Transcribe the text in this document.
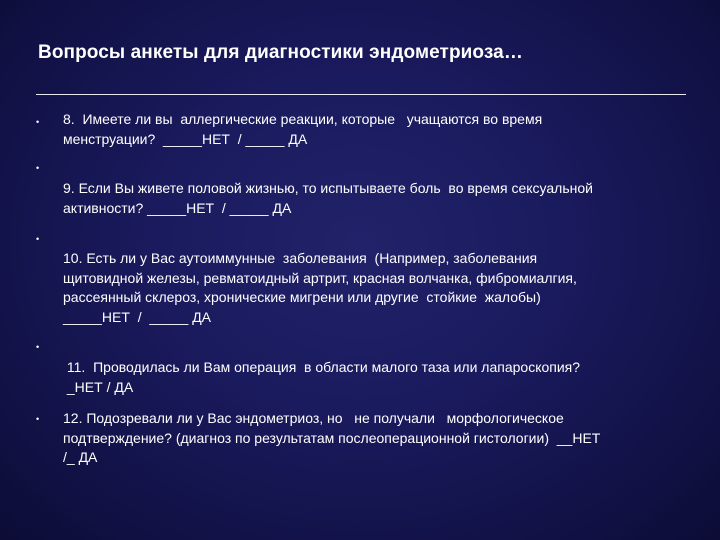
Вопросы анкеты для диагностики эндометриоза…
• 8.  Имеете ли вы  аллергические реакции, которые   учащаются во время
менструации?  _____НЕТ  / _____ ДА
•
9. Если Вы живете половой жизнью, то испытываете боль  во время сексуальной
активности? _____НЕТ  / _____ ДА
•
10. Есть ли у Вас аутоиммунные  заболевания  (Например, заболевания
щитовидной железы, ревматоидный артрит, красная волчанка, фибромиалгия,
рассеянный склероз, хронические мигрени или другие  стойкие  жалобы)
_____НЕТ  /  _____ ДА
•
11.  Проводилась ли Вам операция  в области малого таза или лапароскопия?
_НЕТ / ДА
• 12. Подозревали ли у Вас эндометриоз, но   не получали   морфологическое
подтверждение? (диагноз по результатам послеоперационной гистологии)  __НЕТ
/_ ДА
